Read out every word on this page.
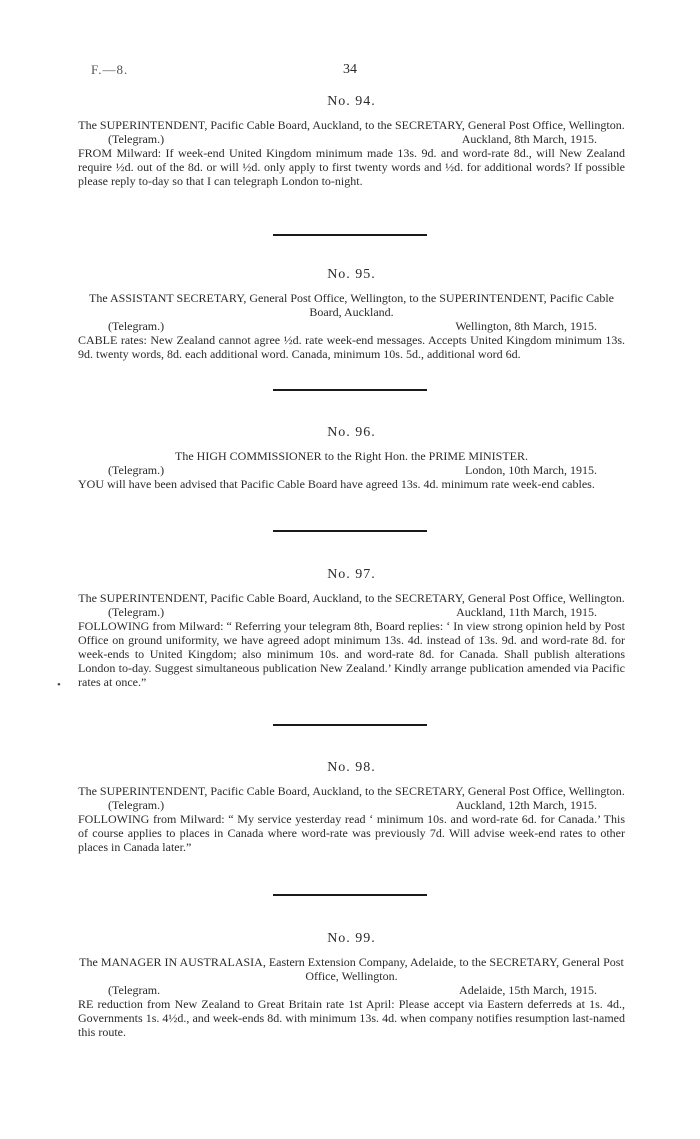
F.—8.	34
No. 94.
The SUPERINTENDENT, Pacific Cable Board, Auckland, to the SECRETARY, General Post Office, Wellington.
(Telegram.)	Auckland, 8th March, 1915.
FROM Milward: If week-end United Kingdom minimum made 13s. 9d. and word-rate 8d., will New Zealand require ½d. out of the 8d. or will ½d. only apply to first twenty words and ½d. for additional words? If possible please reply to-day so that I can telegraph London to-night.
No. 95.
The ASSISTANT SECRETARY, General Post Office, Wellington, to the SUPERINTENDENT, Pacific Cable Board, Auckland.
(Telegram.)	Wellington, 8th March, 1915.
CABLE rates: New Zealand cannot agree ½d. rate week-end messages. Accepts United Kingdom minimum 13s. 9d. twenty words, 8d. each additional word. Canada, minimum 10s. 5d., additional word 6d.
No. 96.
The HIGH COMMISSIONER to the Right Hon. the PRIME MINISTER.
(Telegram.)	London, 10th March, 1915.
YOU will have been advised that Pacific Cable Board have agreed 13s. 4d. minimum rate week-end cables.
No. 97.
The SUPERINTENDENT, Pacific Cable Board, Auckland, to the SECRETARY, General Post Office, Wellington.
(Telegram.)	Auckland, 11th March, 1915.
FOLLOWING from Milward: “ Referring your telegram 8th, Board replies: ‘ In view strong opinion held by Post Office on ground uniformity, we have agreed adopt minimum 13s. 4d. instead of 13s. 9d. and word-rate 8d. for week-ends to United Kingdom; also minimum 10s. and word-rate 8d. for Canada. Shall publish alterations London to-day. Suggest simultaneous publication New Zealand.’ Kindly arrange publication amended via Pacific rates at once.”
•
No. 98.
The SUPERINTENDENT, Pacific Cable Board, Auckland, to the SECRETARY, General Post Office, Wellington.
(Telegram.)	Auckland, 12th March, 1915.
FOLLOWING from Milward: “ My service yesterday read ‘ minimum 10s. and word-rate 6d. for Canada.’ This of course applies to places in Canada where word-rate was previously 7d. Will advise week-end rates to other places in Canada later.”
No. 99.
The MANAGER IN AUSTRALASIA, Eastern Extension Company, Adelaide, to the SECRETARY, General Post Office, Wellington.
(Telegram.	Adelaide, 15th March, 1915.
RE reduction from New Zealand to Great Britain rate 1st April: Please accept via Eastern deferreds at 1s. 4d., Governments 1s. 4½d., and week-ends 8d. with minimum 13s. 4d. when company notifies resumption last-named this route.
